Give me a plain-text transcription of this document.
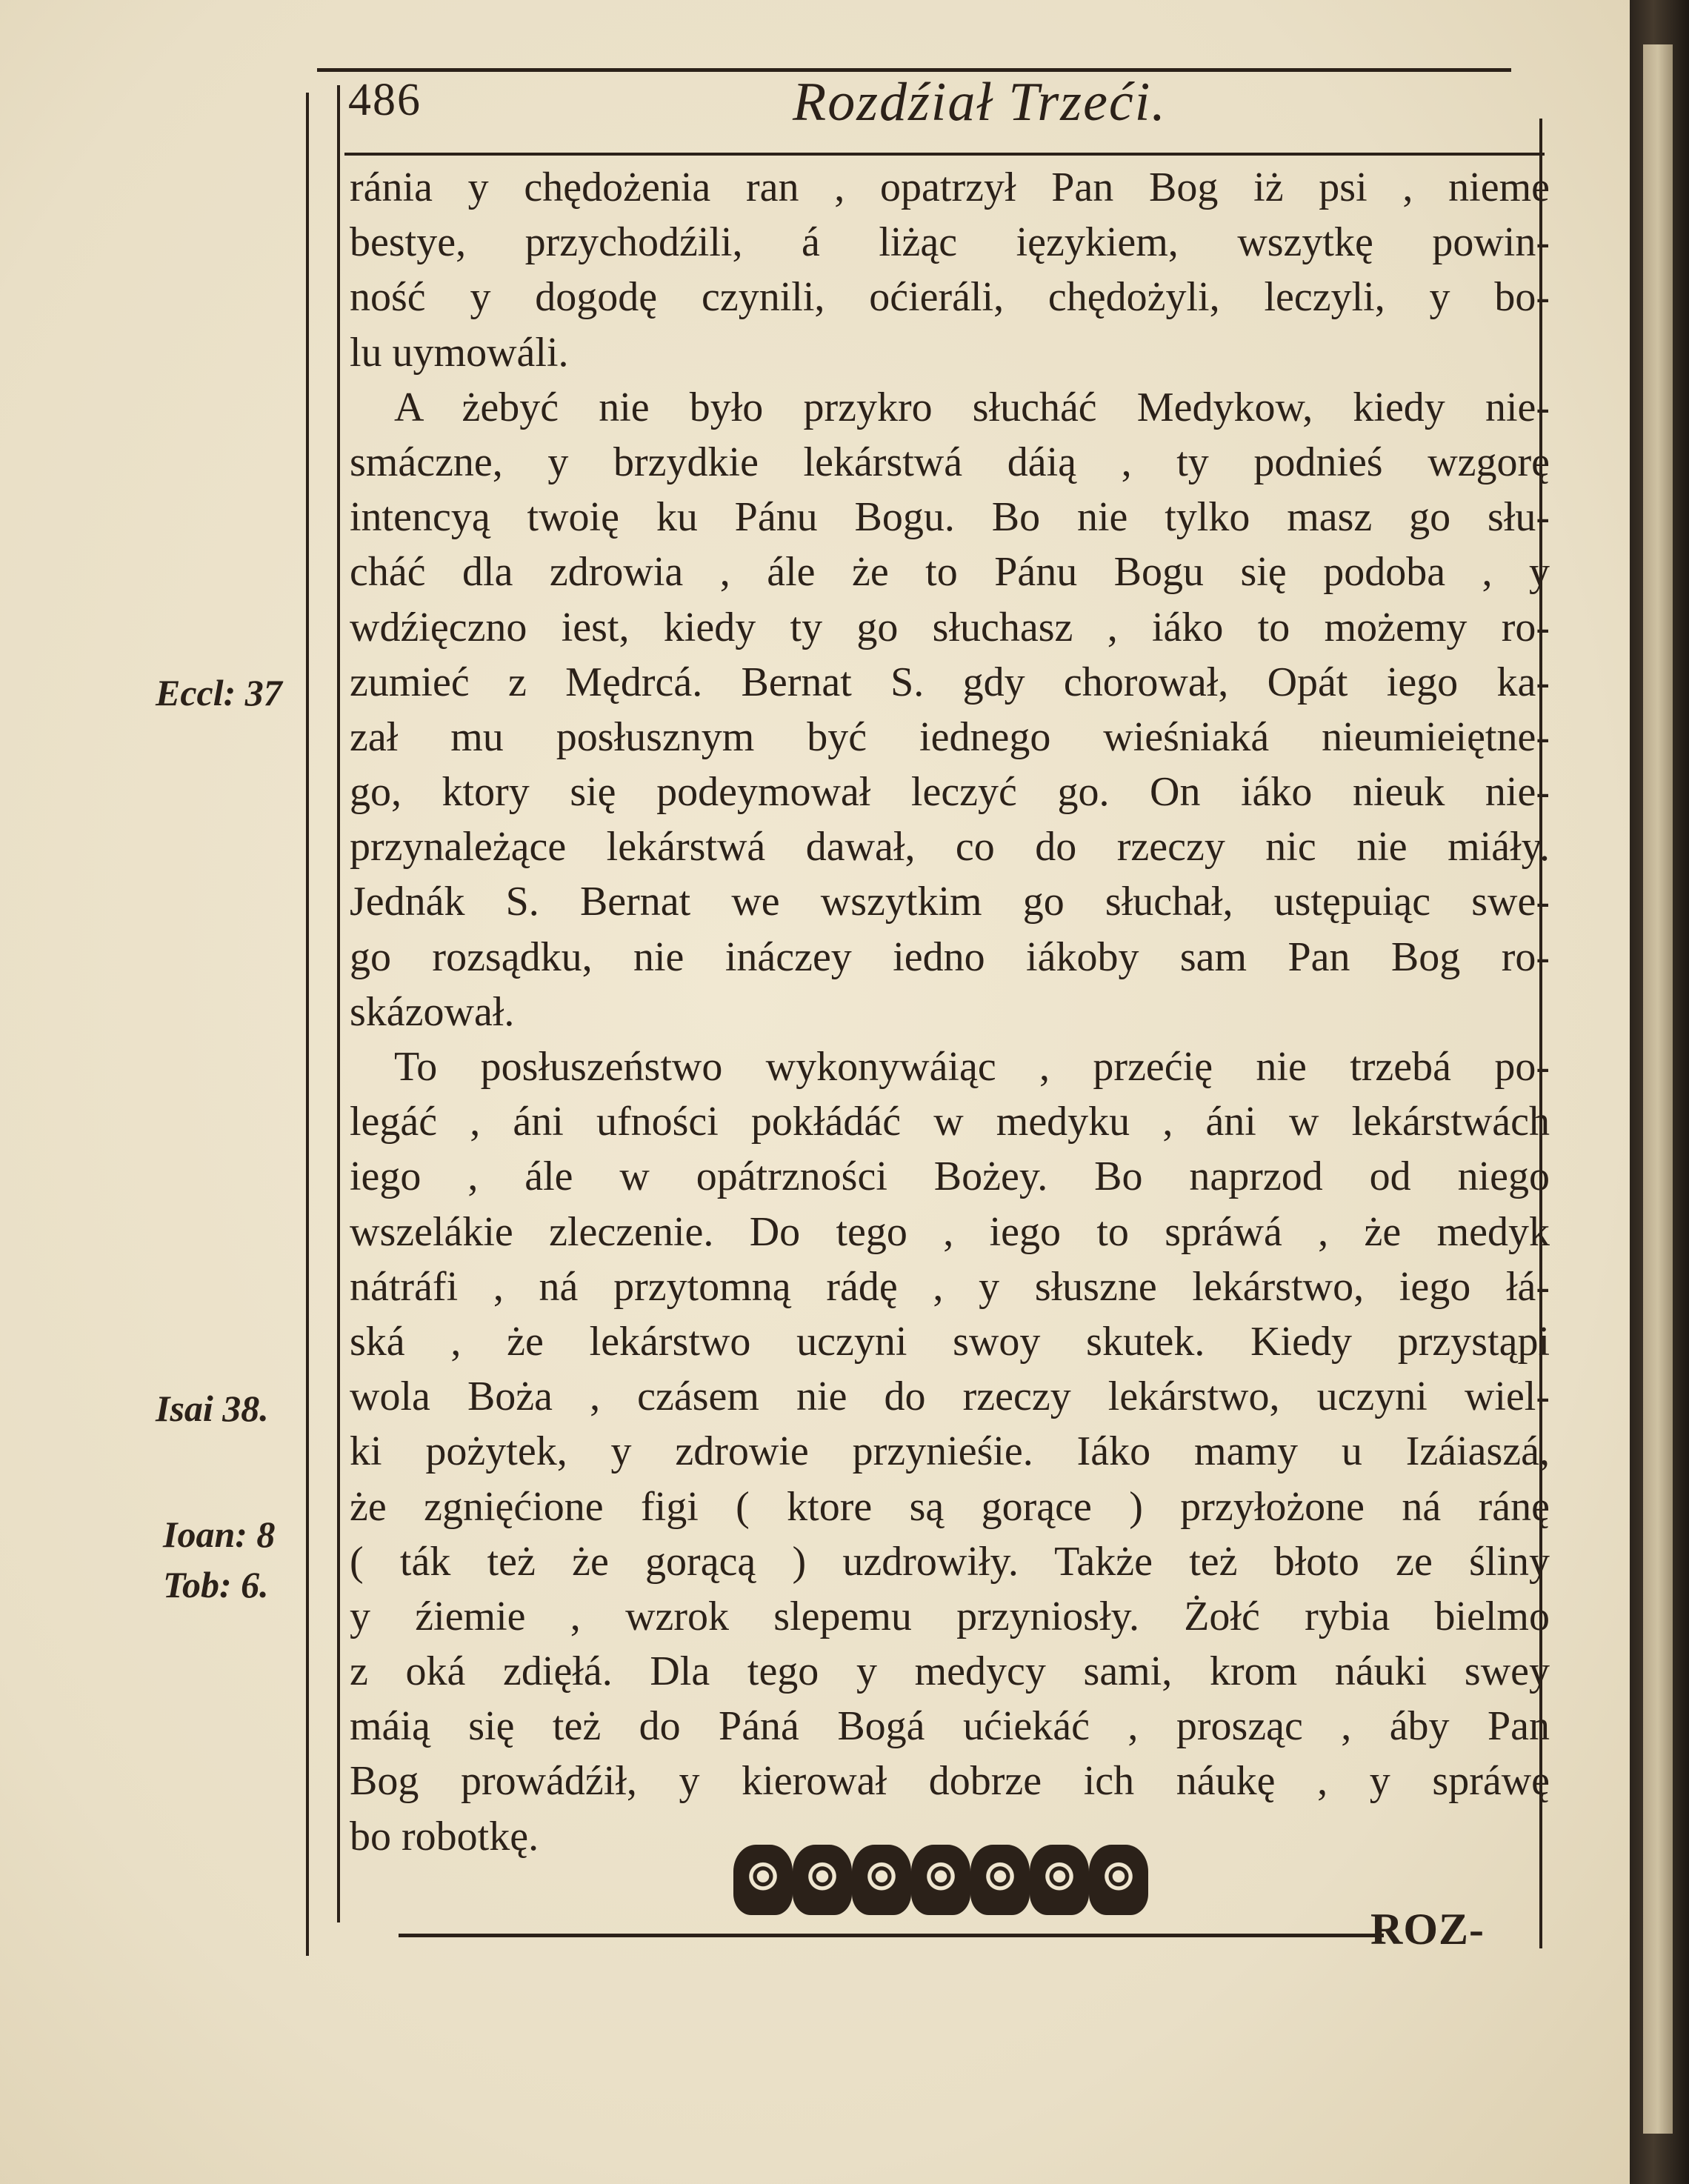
486	Rozdźiał Trzeći.
ránia y chędożenia ran , opatrzył Pan Bog iż psi , nieme
bestye, przychodźili, á liżąc ięzykiem, wszytkę powin-
ność y dogodę czynili, oćieráli, chędożyli, leczyli, y bo-
lu uymowáli.
A żebyć nie było przykro słucháć Medykow, kiedy nie-
smáczne, y brzydkie lekárstwá dáią , ty podnieś wzgorę
intencyą twoię ku Pánu Bogu. Bo nie tylko masz go słu-
cháć dla zdrowia , ále że to Pánu Bogu się podoba , y
wdźięczno iest, kiedy ty go słuchasz , iáko to możemy ro-
zumieć z Mędrcá. Bernat S. gdy chorował, Opát iego ka-
zał mu posłusznym być iednego wieśniaká nieumieiętne-
go, ktory się podeymował leczyć go. On iáko nieuk nie-
przynależące lekárstwá dawał, co do rzeczy nic nie miáły.
Jednák S. Bernat we wszytkim go słuchał, ustępuiąc swe-
go rozsądku, nie ináczey iedno iákoby sam Pan Bog ro-
skázował.
To posłuszeństwo wykonywáiąc , przećię nie trzebá po-
legáć , áni ufności pokłádáć w medyku , áni w lekárstwách
iego , ále w opátrzności Bożey. Bo naprzod od niego
wszelákie zleczenie. Do tego , iego to spráwá , że medyk
nátráfi , ná przytomną rádę , y słuszne lekárstwo, iego łá-
ská , że lekárstwo uczyni swoy skutek. Kiedy przystąpi
wola Boża , czásem nie do rzeczy lekárstwo, uczyni wiel-
ki pożytek, y zdrowie przynieśie. Iáko mamy u Izáiaszá,
że zgnięćione figi ( ktore są gorące ) przyłożone ná ránę
( ták też że gorącą ) uzdrowiły. Także też błoto ze śliny
y źiemie , wzrok slepemu przyniosły. Żołć rybia bielmo
z oká zdięłá. Dla tego y medycy sami, krom náuki swey
máią się też do Páná Bogá ućiekáć , prosząc , áby Pan
Bog prowádźił, y kierował dobrze ich náukę , y spráwę
bo robotkę.
Eccl: 37
Isai 38.
Ioan: 8
Tob: 6.
ROZ-
